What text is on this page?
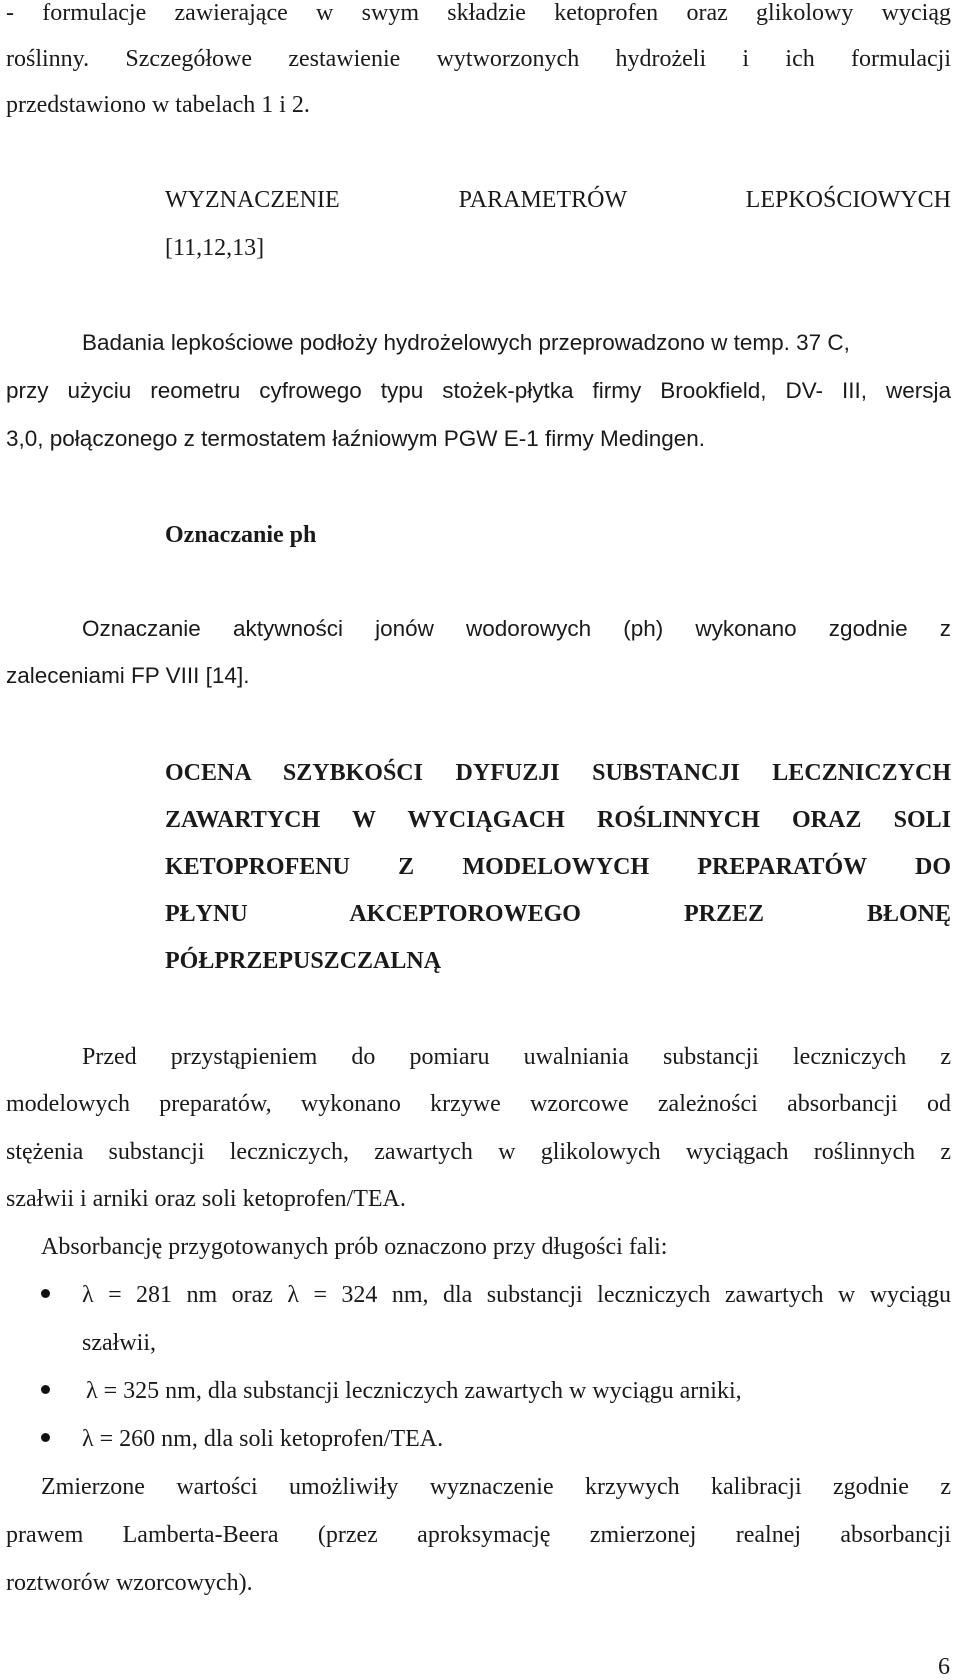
- formulacje zawierające w swym składzie ketoprofen oraz glikolowy wyciąg
roślinny. Szczegółowe zestawienie wytworzonych hydrożeli i ich formulacji
przedstawiono w tabelach 1 i 2.
WYZNACZENIE PARAMETRÓW LEPKOŚCIOWYCH
[11,12,13]
Badania lepkościowe podłoży hydrożelowych przeprowadzono w temp. 37 C,
przy użyciu reometru cyfrowego typu stożek-płytka firmy Brookfield, DV- III, wersja
3,0, połączonego z termostatem łaźniowym PGW E-1 firmy Medingen.
Oznaczanie ph
Oznaczanie aktywności jonów wodorowych (ph) wykonano zgodnie z
zaleceniami FP VIII [14].
OCENA SZYBKOŚCI DYFUZJI SUBSTANCJI LECZNICZYCH
ZAWARTYCH W WYCIĄGACH ROŚLINNYCH ORAZ SOLI
KETOPROFENU Z MODELOWYCH PREPARATÓW DO
PŁYNU AKCEPTOROWEGO PRZEZ BŁONĘ
PÓŁPRZEPUSZCZALNĄ
Przed przystąpieniem do pomiaru uwalniania substancji leczniczych z
modelowych preparatów, wykonano krzywe wzorcowe zależności absorbancji od
stężenia substancji leczniczych, zawartych w glikolowych wyciągach roślinnych z
szałwii i arniki oraz soli ketoprofen/TEA.
Absorbancję przygotowanych prób oznaczono przy długości fali:
λ = 281 nm oraz λ = 324 nm, dla substancji leczniczych zawartych w wyciągu
szałwii,
λ = 325 nm, dla substancji leczniczych zawartych w wyciągu arniki,
λ = 260 nm, dla soli ketoprofen/TEA.
Zmierzone wartości umożliwiły wyznaczenie krzywych kalibracji zgodnie z
prawem Lamberta-Beera (przez aproksymację zmierzonej realnej absorbancji
roztworów wzorcowych).
6
